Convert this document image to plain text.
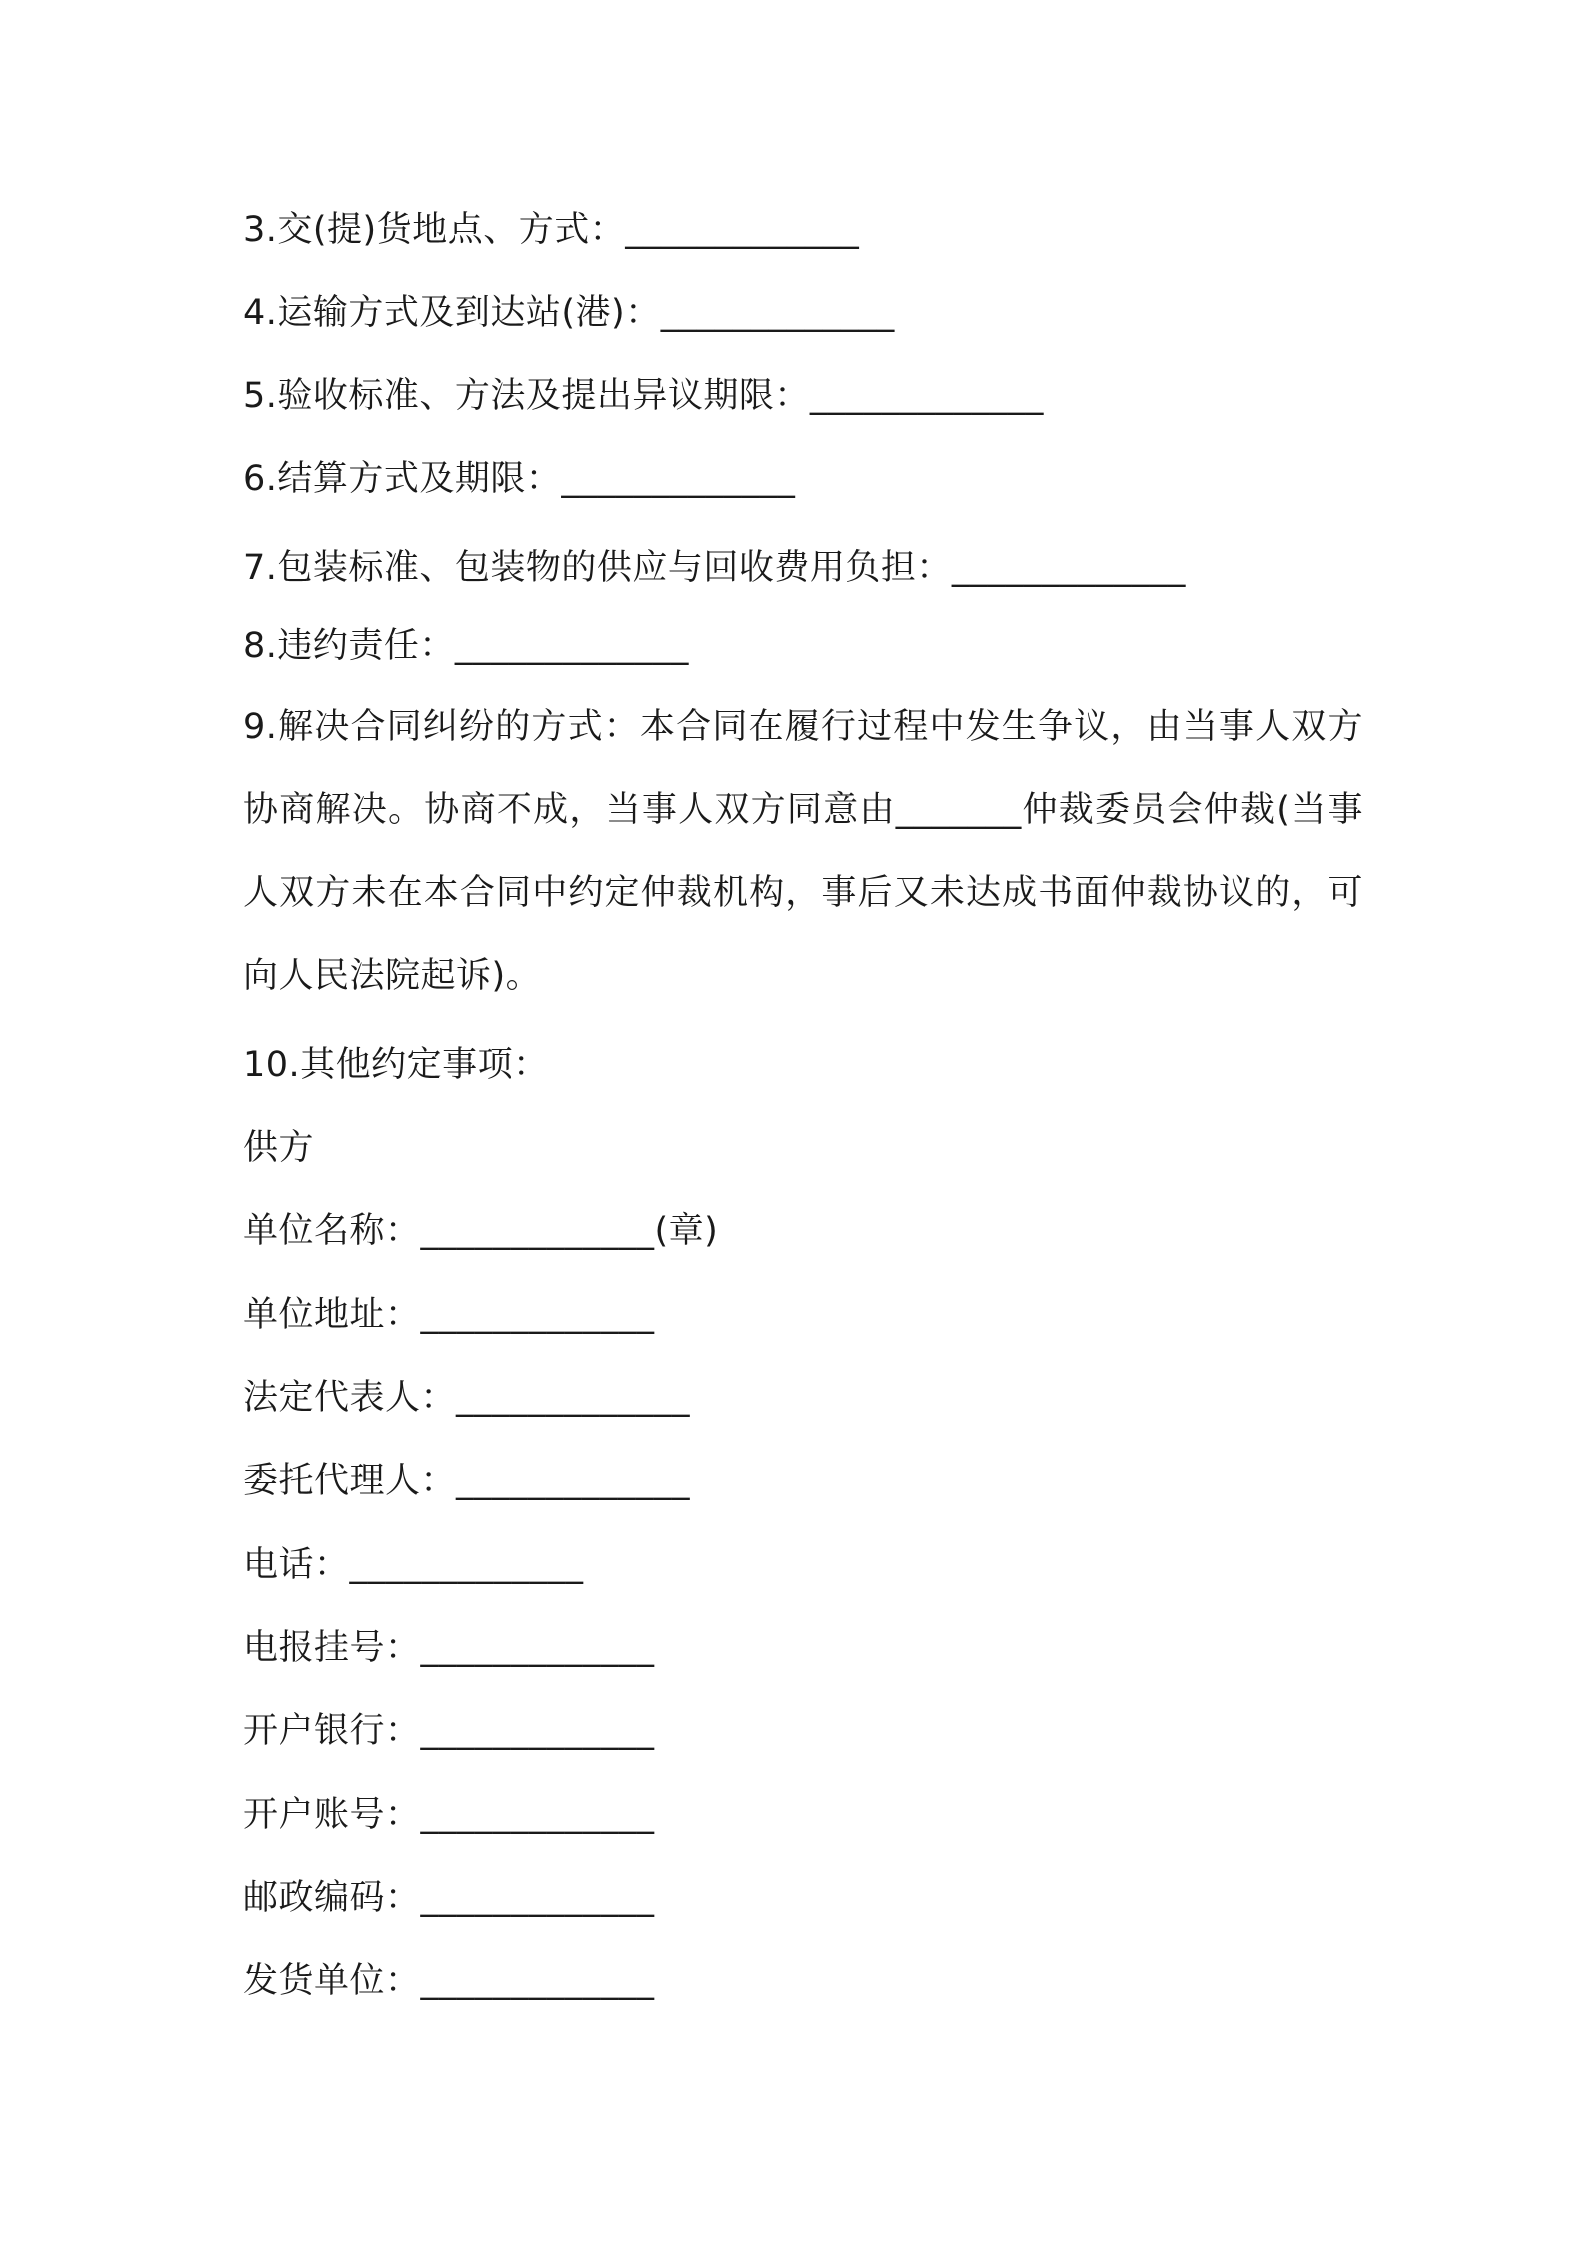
3.交(提)货地点、方式：_____________
4.运输方式及到达站(港)：_____________
5.验收标准、方法及提出异议期限：_____________
6.结算方式及期限：_____________
7.包装标准、包装物的供应与回收费用负担：_____________
8.违约责任：_____________
9.解决合同纠纷的方式：本合同在履行过程中发生争议，由当事人双方协商解决。协商不成，当事人双方同意由_______仲裁委员会仲裁(当事人双方未在本合同中约定仲裁机构，事后又未达成书面仲裁协议的，可向人民法院起诉)。
10.其他约定事项：
供方
单位名称：_____________(章)
单位地址：_____________
法定代表人：_____________
委托代理人：_____________
电话：_____________
电报挂号：_____________
开户银行：_____________
开户账号：_____________
邮政编码：_____________
发货单位：_____________
